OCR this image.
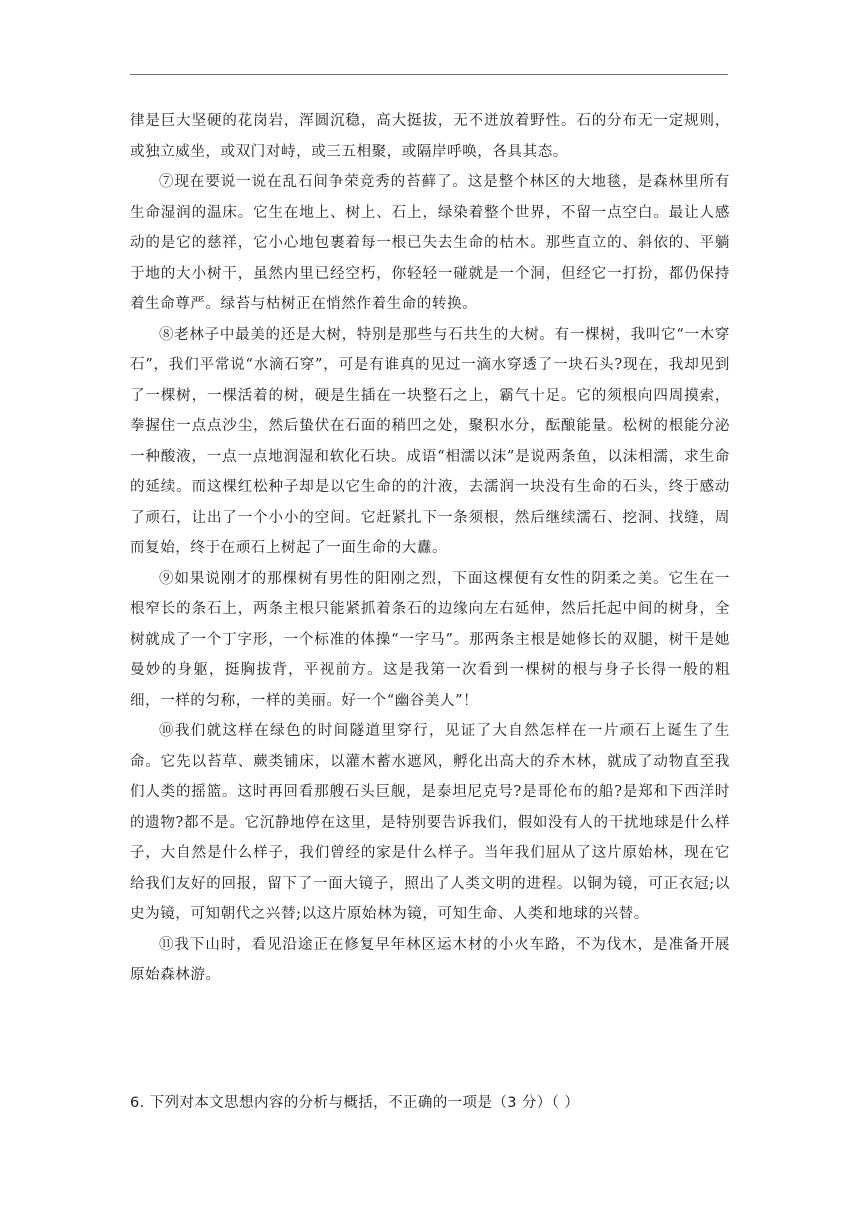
律是巨大坚硬的花岗岩，浑圆沉稳，高大挺拔，无不迸放着野性。石的分布无一定规则，或独立威坐，或双门对峙，或三五相聚，或隔岸呼唤，各具其态。

⑦现在要说一说在乱石间争荣竞秀的苔藓了。这是整个林区的大地毯，是森林里所有生命湿润的温床。它生在地上、树上、石上，绿染着整个世界，不留一点空白。最让人感动的是它的慈祥，它小心地包裹着每一根已失去生命的枯木。那些直立的、斜依的、平躺于地的大小树干，虽然内里已经空朽，你轻轻一碰就是一个洞，但经它一打扮，都仍保持着生命尊严。绿苔与枯树正在悄然作着生命的转换。

⑧老林子中最美的还是大树，特别是那些与石共生的大树。有一棵树，我叫它“一木穿石”，我们平常说“水滴石穿”，可是有谁真的见过一滴水穿透了一块石头?现在，我却见到了一棵树，一棵活着的树，硬是生插在一块整石之上，霸气十足。它的须根向四周摸索，拳握住一点点沙尘，然后蛰伏在石面的稍凹之处，聚积水分，酝酿能量。松树的根能分泌一种酸液，一点一点地润湿和软化石块。成语“相濡以沫”是说两条鱼，以沫相濡，求生命的延续。而这棵红松种子却是以它生命的的汁液，去濡润一块没有生命的石头，终于感动了顽石，让出了一个小小的空间。它赶紧扎下一条须根，然后继续濡石、挖洞、找缝，周而复始，终于在顽石上树起了一面生命的大纛。

⑨如果说刚才的那棵树有男性的阳刚之烈，下面这棵便有女性的阴柔之美。它生在一根窄长的条石上，两条主根只能紧抓着条石的边缘向左右延伸，然后托起中间的树身，全树就成了一个丁字形，一个标准的体操“一字马”。那两条主根是她修长的双腿，树干是她曼妙的身躯，挺胸拔背，平视前方。这是我第一次看到一棵树的根与身子长得一般的粗细，一样的匀称，一样的美丽。好一个“幽谷美人”！

⑩我们就这样在绿色的时间隧道里穿行，见证了大自然怎样在一片顽石上诞生了生命。它先以苔草、蕨类铺床，以灌木蓄水遮风，孵化出高大的乔木林，就成了动物直至我们人类的摇篮。这时再回看那艘石头巨舰，是泰坦尼克号?是哥伦布的船?是郑和下西洋时的遗物?都不是。它沉静地停在这里，是特别要告诉我们，假如没有人的干扰地球是什么样子，大自然是什么样子，我们曾经的家是什么样子。当年我们屈从了这片原始林，现在它给我们友好的回报，留下了一面大镜子，照出了人类文明的进程。以铜为镜，可正衣冠;以史为镜，可知朝代之兴替;以这片原始林为镜，可知生命、人类和地球的兴替。

⑪我下山时，看见沿途正在修复早年林区运木材的小火车路，不为伐木，是准备开展原始森林游。

6. 下列对本文思想内容的分析与概括，不正确的一项是（3 分）（ ）
